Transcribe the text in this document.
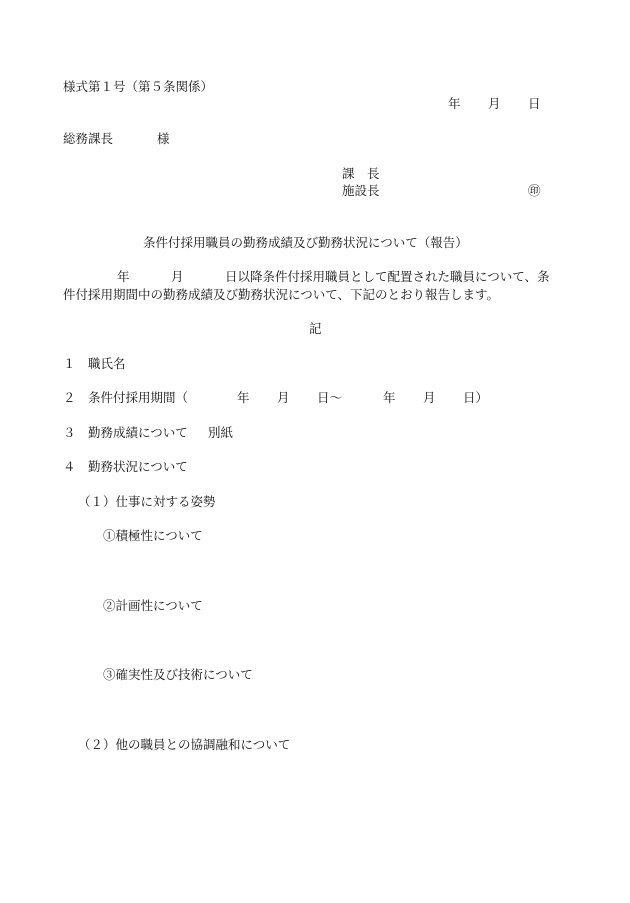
様式第１号（第５条関係）
年 月 日
総務課長	様
課　長
施設長	㊞
条件付採用職員の勤務成績及び勤務状況について（報告）
年	月	日以降条件付採用職員として配置された職員について、条
件付採用期間中の勤務成績及び勤務状況について、下記のとおり報告します。
記
１ 職氏名
２ 条件付採用期間（	年 月 日～	年 月 日）
３ 勤務成績について 別紙
４ 勤務状況について
（１）仕事に対する姿勢
①積極性について
②計画性について
③確実性及び技術について
（２）他の職員との協調融和について
